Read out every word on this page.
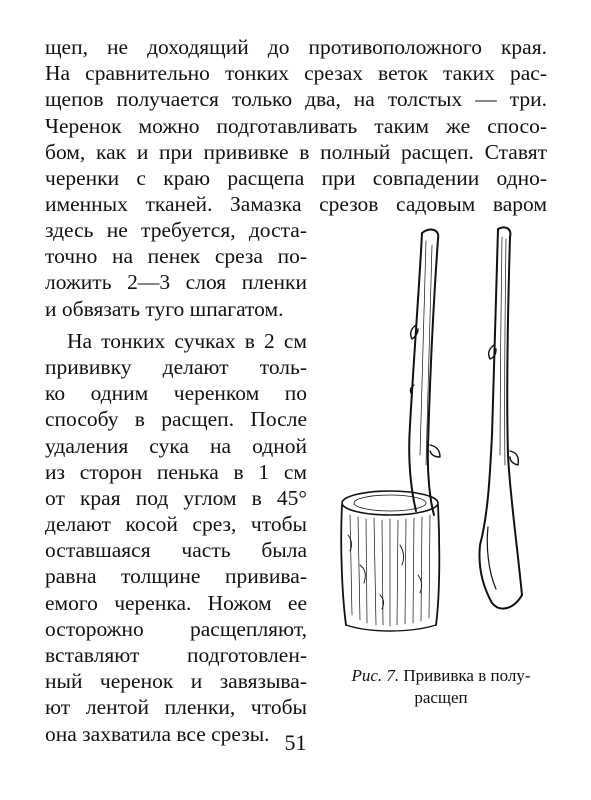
щеп, не доходящий до противоположного края.
На сравнительно тонких срезах веток таких рас-
щепов получается только два, на толстых — три.
Черенок можно подготавливать таким же спосо-
бом, как и при прививке в полный расщеп. Ставят
черенки с краю расщепа при совпадении одно-
именных тканей. Замазка срезов садовым варом
здесь не требуется, доста-
точно на пенек среза по-
ложить 2—3 слоя пленки
и обвязать туго шпагатом.
На тонких сучках в 2 см
прививку делают толь-
ко одним черенком по
способу в расщеп. После
удаления сука на одной
из сторон пенька в 1 см
от края под углом в 45°
делают косой срез, чтобы
оставшаяся часть была
равна толщине привива-
емого черенка. Ножом ее
осторожно расщепляют,
вставляют подготовлен-
ный черенок и завязыва-
ют лентой пленки, чтобы
она захватила все срезы.
Рис. 7. Прививка в полу-
расщеп
51
